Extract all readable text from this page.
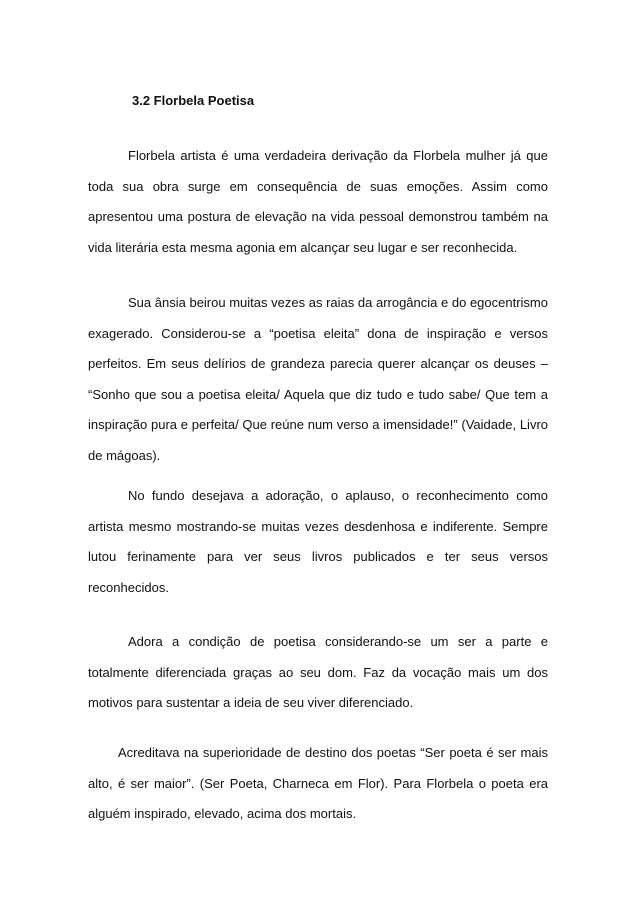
3.2 Florbela Poetisa

Florbela artista é uma verdadeira derivação da Florbela mulher já que toda sua obra surge em consequência de suas emoções. Assim como apresentou uma postura de elevação na vida pessoal demonstrou também na vida literária esta mesma agonia em alcançar seu lugar e ser reconhecida.

Sua ânsia beirou muitas vezes as raias da arrogância e do egocentrismo exagerado. Considerou-se a “poetisa eleita” dona de inspiração e versos perfeitos. Em seus delírios de grandeza parecia querer alcançar os deuses – “Sonho que sou a poetisa eleita/ Aquela que diz tudo e tudo sabe/ Que tem a inspiração pura e perfeita/ Que reúne num verso a imensidade!” (Vaidade, Livro de mágoas).

No fundo desejava a adoração, o aplauso, o reconhecimento como artista mesmo mostrando-se muitas vezes desdenhosa e indiferente. Sempre lutou ferinamente para ver seus livros publicados e ter seus versos reconhecidos.

Adora a condição de poetisa considerando-se um ser a parte e totalmente diferenciada graças ao seu dom. Faz da vocação mais um dos motivos para sustentar a ideia de seu viver diferenciado.

Acreditava na superioridade de destino dos poetas “Ser poeta é ser mais alto, é ser maior”. (Ser Poeta, Charneca em Flor). Para Florbela o poeta era alguém inspirado, elevado, acima dos mortais.
